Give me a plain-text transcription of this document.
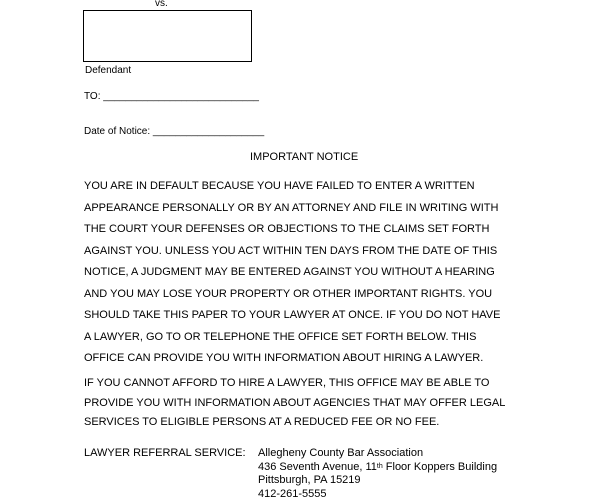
vs.
Defendant
TO: ____________________________
Date of Notice: ____________________
IMPORTANT NOTICE
YOU ARE IN DEFAULT BECAUSE YOU HAVE FAILED TO ENTER A WRITTEN
APPEARANCE PERSONALLY OR BY AN ATTORNEY AND FILE IN WRITING WITH
THE COURT YOUR DEFENSES OR OBJECTIONS TO THE CLAIMS SET FORTH
AGAINST YOU. UNLESS YOU ACT WITHIN TEN DAYS FROM THE DATE OF THIS
NOTICE, A JUDGMENT MAY BE ENTERED AGAINST YOU WITHOUT A HEARING
AND YOU MAY LOSE YOUR PROPERTY OR OTHER IMPORTANT RIGHTS. YOU
SHOULD TAKE THIS PAPER TO YOUR LAWYER AT ONCE. IF YOU DO NOT HAVE
A LAWYER, GO TO OR TELEPHONE THE OFFICE SET FORTH BELOW. THIS
OFFICE CAN PROVIDE YOU WITH INFORMATION ABOUT HIRING A LAWYER.
IF YOU CANNOT AFFORD TO HIRE A LAWYER, THIS OFFICE MAY BE ABLE TO
PROVIDE YOU WITH INFORMATION ABOUT AGENCIES THAT MAY OFFER LEGAL
SERVICES TO ELIGIBLE PERSONS AT A REDUCED FEE OR NO FEE.
LAWYER REFERRAL SERVICE: Allegheny County Bar Association
436 Seventh Avenue, 11th Floor Koppers Building
Pittsburgh, PA 15219
412-261-5555
